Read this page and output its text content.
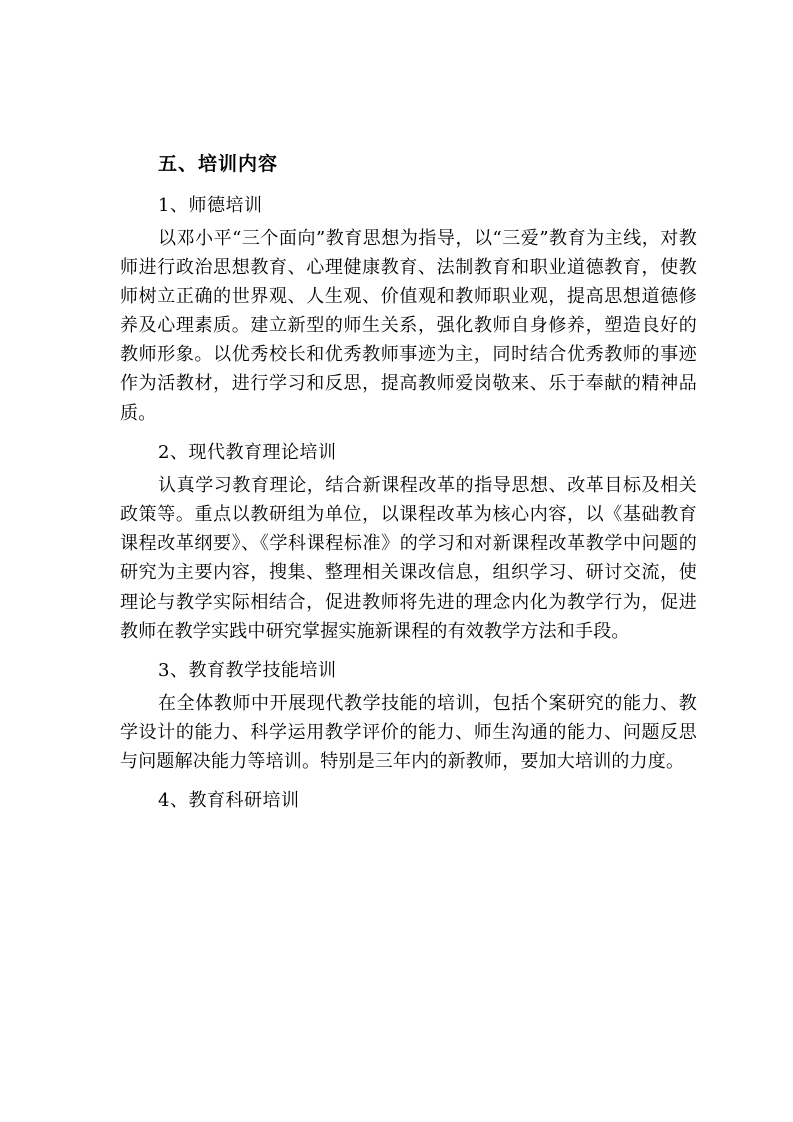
五、培训内容
1、师德培训

以邓小平“三个面向”教育思想为指导，以“三爱”教育为主线，对教师进行政治思想教育、心理健康教育、法制教育和职业道德教育，使教师树立正确的世界观、人生观、价值观和教师职业观，提高思想道德修养及心理素质。建立新型的师生关系，强化教师自身修养，塑造良好的教师形象。以优秀校长和优秀教师事迹为主，同时结合优秀教师的事迹作为活教材，进行学习和反思，提高教师爱岗敬来、乐于奉献的精神品质。

2、现代教育理论培训

认真学习教育理论，结合新课程改革的指导思想、改革目标及相关政策等。重点以教研组为单位，以课程改革为核心内容，以《基础教育课程改革纲要》、《学科课程标准》的学习和对新课程改革教学中问题的研究为主要内容，搜集、整理相关课改信息，组织学习、研讨交流，使理论与教学实际相结合，促进教师将先进的理念内化为教学行为，促进教师在教学实践中研究掌握实施新课程的有效教学方法和手段。

3、教育教学技能培训

在全体教师中开展现代教学技能的培训，包括个案研究的能力、教学设计的能力、科学运用教学评价的能力、师生沟通的能力、问题反思与问题解决能力等培训。特别是三年内的新教师，要加大培训的力度。

4、教育科研培训
